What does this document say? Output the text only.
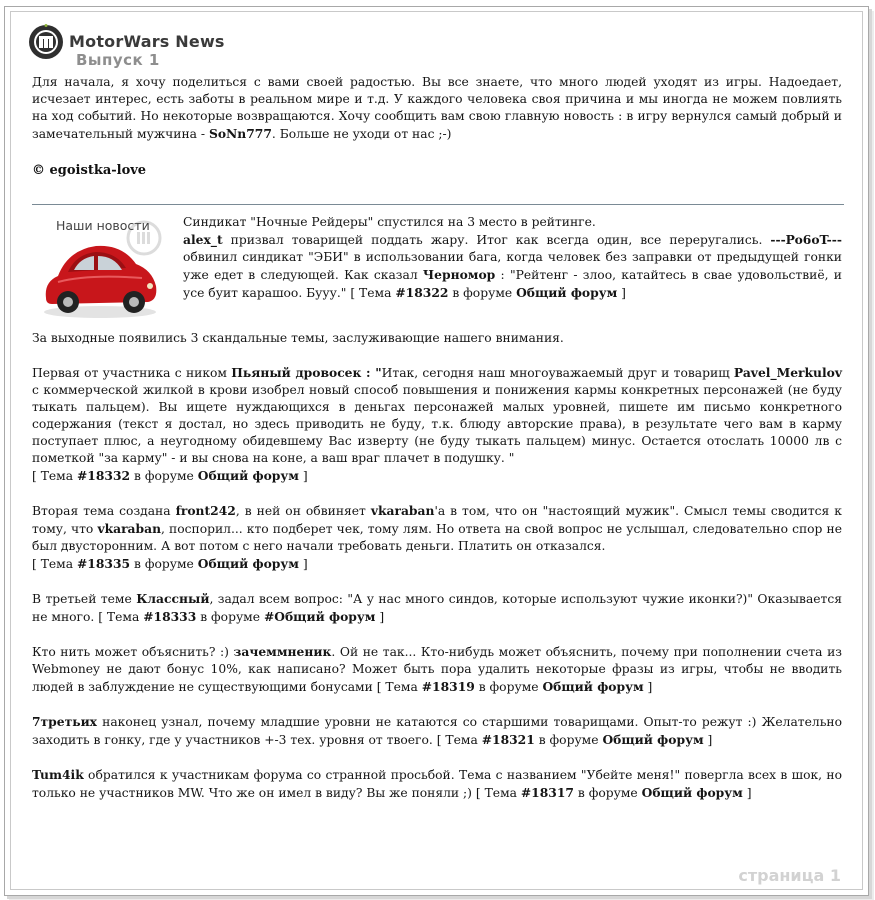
MotorWars News
Выпуск 1
Для начала, я хочу поделиться с вами своей радостью. Вы все знаете, что много людей уходят из игры. Надоедает, исчезает интерес, есть заботы в реальном мире и т.д. У каждого человека своя причина и мы иногда не можем повлиять на ход событий. Но некоторые возвращаются. Хочу сообщить вам свою главную новость : в игру вернулся самый добрый и замечательный мужчина - SoNn777. Больше не уходи от нас ;-)
© egoistka-love
Наши новости	Синдикат "Ночные Рейдеры" спустился на 3 место в рейтинге.
alex_t призвал товарищей поддать жару. Итог как всегда один, все переругались. ---Po6oT--- обвинил синдикат "ЭБИ" в использовании бага, когда человек без заправки от предыдущей гонки уже едет в следующей. Как сказал Черномор : "Рейтенг - злоо, катайтесь в свае удовольствиё, и усе буит карашоо. Бууу." [ Тема #18322 в форуме Общий форум ]

За выходные появились 3 скандальные темы, заслуживающие нашего внимания.

Первая от участника с ником Пьяный дровосек : "Итак, сегодня наш многоуважаемый друг и товарищ Pavel_Merkulov с коммерческой жилкой в крови изобрел новый способ повышения и понижения кармы конкретных персонажей (не буду тыкать пальцем). Вы ищете нуждающихся в деньгах персонажей малых уровней, пишете им письмо конкретного содержания (текст я достал, но здесь приводить не буду, т.к. блюду авторские права), в результате чего вам в карму поступает плюс, а неугодному обидевшему Вас изверту (не буду тыкать пальцем) минус. Остается отослать 10000 лв с пометкой "за карму" - и вы снова на коне, а ваш враг плачет в подушку. "
[ Тема #18332 в форуме Общий форум ]

Вторая тема создана front242, в ней он обвиняет vkaraban'а в том, что он "настоящий мужик". Смысл темы сводится к тому, что vkaraban, поспорил... кто подберет чек, тому лям. Но ответа на свой вопрос не услышал, следовательно спор не был двусторонним. А вот потом с него начали требовать деньги. Платить он отказался.
[ Тема #18335 в форуме Общий форум ]

В третьей теме Классный, задал всем вопрос: "А у нас много синдов, которые используют чужие иконки?)" Оказывается не много. [ Тема #18333 в форуме #Общий форум ]

Кто нить может объяснить? :) зачеммненик. Ой не так... Кто-нибудь может объяснить, почему при пополнении счета из Webmoney не дают бонус 10%, как написано? Может быть пора удалить некоторые фразы из игры, чтобы не вводить людей в заблуждение не существующими бонусами [ Тема #18319 в форуме Общий форум ]

7третьих наконец узнал, почему младшие уровни не катаются со старшими товарищами. Опыт-то режут :) Желательно заходить в гонку, где у участников +-3 тех. уровня от твоего. [ Тема #18321 в форуме Общий форум ]

Tum4ik обратился к участникам форума со странной просьбой. Тема с названием "Убейте меня!" повергла всех в шок, но только не участников MW. Что же он имел в виду? Вы же поняли ;) [ Тема #18317 в форуме Общий форум ]

страница 1
